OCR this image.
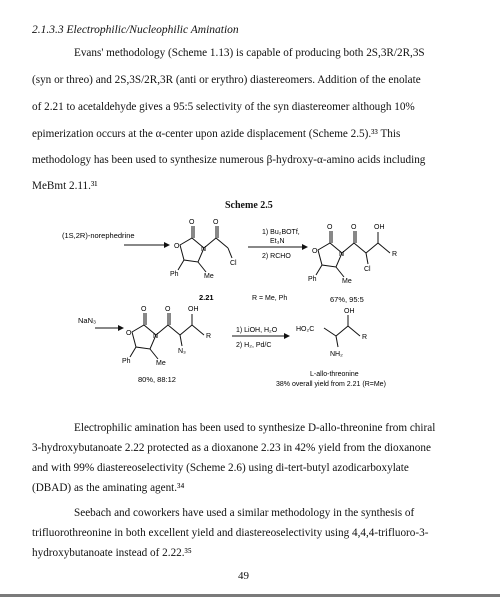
2.1.3.3 Electrophilic/Nucleophilic Amination
Evans' methodology (Scheme 1.13) is capable of producing both 2S,3R/2R,3S
(syn or threo) and 2S,3S/2R,3R (anti or erythro) diastereomers. Addition of the enolate
of 2.21 to acetaldehyde gives a 95:5 selectivity of the syn diastereomer although 10%
epimerization occurs at the α-center upon azide displacement (Scheme 2.5).³³ This
methodology has been used to synthesize numerous β-hydroxy-α-amino acids including
MeBmt 2.11.³¹
Scheme 2.5
(1S,2R)-norephedrine
O	O
O	N
Cl
Ph	Me
2.21
1) Bu₂BOTf,
Et₃N
2) RCHO
R = Me, Ph
O	O	OH
O	N	R
Cl
Ph	Me
67%, 95:5
NaN₃
O	O	OH
O	N	R
N₃
Ph	Me
80%, 88:12
1) LiOH, H₂O
2) H₂, Pd/C
HO₂C
OH
R
NH₂
L-allo-threonine
38% overall yield from 2.21 (R=Me)
Electrophilic amination has been used to synthesize D-allo-threonine from chiral
3-hydroxybutanoate 2.22 protected as a dioxanone 2.23 in 42% yield from the dioxanone
and with 99% diastereoselectivity (Scheme 2.6) using di-tert-butyl azodicarboxylate
(DBAD) as the aminating agent.³⁴
49
Seebach and coworkers have used a similar methodology in the synthesis of
trifluorothreonine in both excellent yield and diastereoselectivity using 4,4,4-trifluoro-3-
hydroxybutanoate instead of 2.22.³⁵
